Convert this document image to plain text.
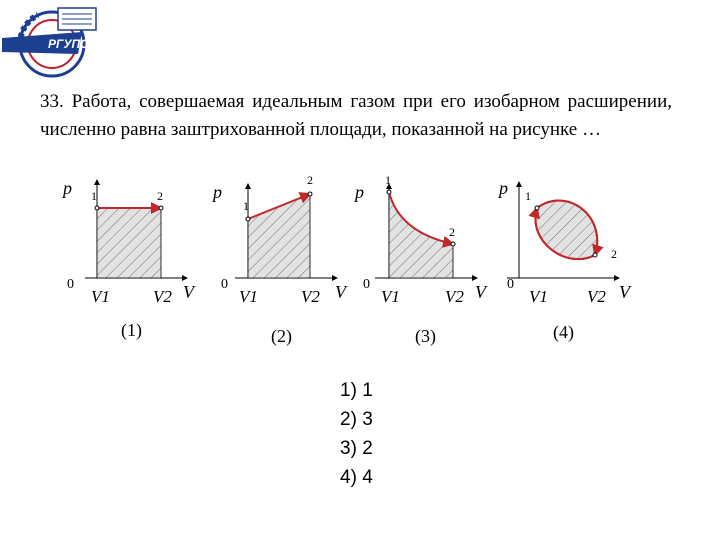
РГУПС
33. Работа, совершаемая идеальным газом при его изобарном расширении, численно равна заштрихованной площади, показанной на рисунке …
p
V
0
1	2
V1	V2
(1)
p
V
0
1
2
V1	V2
(2)
p
V
0
1
2
V1	V2
(3)
p
V
0
1
2
V1 V2
(4)
1) 1
2) 3
3) 2
4) 4
